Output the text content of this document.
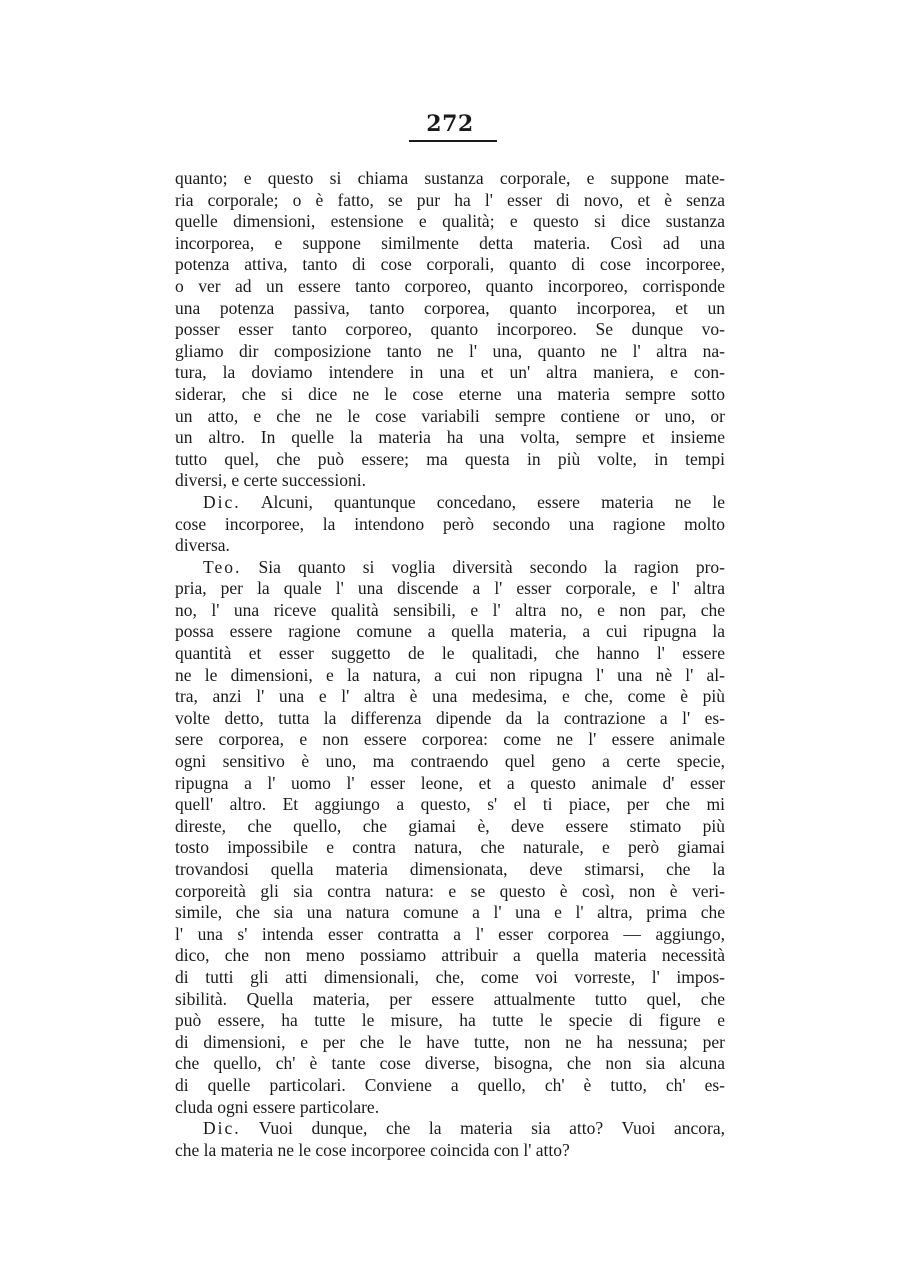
272
quanto; e questo si chiama sustanza corporale, e suppone mate-
ria corporale; o è fatto, se pur ha l' esser di novo, et è senza
quelle dimensioni, estensione e qualità; e questo si dice sustanza
incorporea, e suppone similmente detta materia. Così ad una
potenza attiva, tanto di cose corporali, quanto di cose incorporee,
o ver ad un essere tanto corporeo, quanto incorporeo, corrisponde
una potenza passiva, tanto corporea, quanto incorporea, et un
posser esser tanto corporeo, quanto incorporeo. Se dunque vo-
gliamo dir composizione tanto ne l' una, quanto ne l' altra na-
tura, la doviamo intendere in una et un' altra maniera, e con-
siderar, che si dice ne le cose eterne una materia sempre sotto
un atto, e che ne le cose variabili sempre contiene or uno, or
un altro. In quelle la materia ha una volta, sempre et insieme
tutto quel, che può essere; ma questa in più volte, in tempi
diversi, e certe successioni.
Dic. Alcuni, quantunque concedano, essere materia ne le
cose incorporee, la intendono però secondo una ragione molto
diversa.
Teo. Sia quanto si voglia diversità secondo la ragion pro-
pria, per la quale l' una discende a l' esser corporale, e l' altra
no, l' una riceve qualità sensibili, e l' altra no, e non par, che
possa essere ragione comune a quella materia, a cui ripugna la
quantità et esser suggetto de le qualitadi, che hanno l' essere
ne le dimensioni, e la natura, a cui non ripugna l' una nè l' al-
tra, anzi l' una e l' altra è una medesima, e che, come è più
volte detto, tutta la differenza dipende da la contrazione a l' es-
sere corporea, e non essere corporea: come ne l' essere animale
ogni sensitivo è uno, ma contraendo quel geno a certe specie,
ripugna a l' uomo l' esser leone, et a questo animale d' esser
quell' altro. Et aggiungo a questo, s' el ti piace, per che mi
direste, che quello, che giamai è, deve essere stimato più
tosto impossibile e contra natura, che naturale, e però giamai
trovandosi quella materia dimensionata, deve stimarsi, che la
corporeità gli sia contra natura: e se questo è così, non è veri-
simile, che sia una natura comune a l' una e l' altra, prima che
l' una s' intenda esser contratta a l' esser corporea — aggiungo,
dico, che non meno possiamo attribuir a quella materia necessità
di tutti gli atti dimensionali, che, come voi vorreste, l' impos-
sibilità. Quella materia, per essere attualmente tutto quel, che
può essere, ha tutte le misure, ha tutte le specie di figure e
di dimensioni, e per che le have tutte, non ne ha nessuna; per
che quello, ch' è tante cose diverse, bisogna, che non sia alcuna
di quelle particolari. Conviene a quello, ch' è tutto, ch' es-
cluda ogni essere particolare.
Dic. Vuoi dunque, che la materia sia atto? Vuoi ancora,
che la materia ne le cose incorporee coincida con l' atto?
